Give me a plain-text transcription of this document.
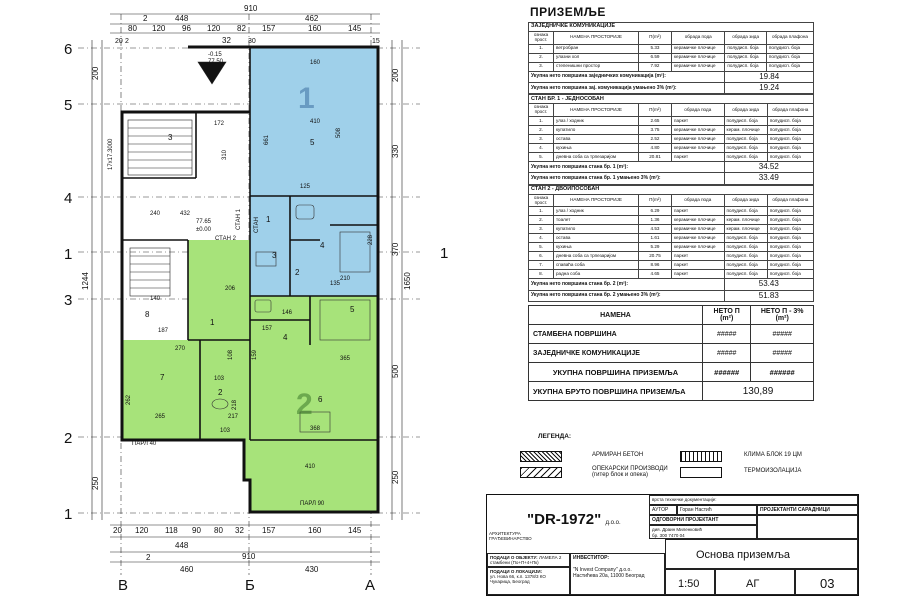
6
5
4
1
3
2
1
В	Б	А
1
1
2
5
4
3
2
1
6
7
8
3
4
5
2
1
410
508
661
160
125
365
240
270
265
310
368
410
135
228
262
210
206
159
146
157
140
187
108
103
218
217
103
172
432
17x17.3000
77.65
±0.00
-0.15
77.50
СТАН 2
СТАН 1 СТАН
ПАРЛ 90
ПАРЛ 40
910
448	462
2
80 120 96 120 82 157	160	145
32
20 2	30	15
20 120 118 90 80 32 157	160	145
448
910
460	430
2
200
1244
250
200
330
370
500
250
1650
ПРИЗЕМЉЕ
ЗАЈЕДНИЧКЕ КОМУНИКАЦИЈЕ					
ознака прост.	НАМЕНА ПРОСТОРИЈЕ	П(m²)	обрада пода	обрада зида	обрада плафона
1.	ветробран	5.33	керамичке плочице	полудисп. боја	полудисп. боја
2.	улазни хол	6.59	керамичке плочице	полудисп. боја	полудисп. боја
3.	степенишни простор	7.92	керамичке плочице	полудисп. боја	полудисп. боја
Укупна нето површина заједничких комуникација (m²):				19.84	
Укупна нето површина зај. комуникација умањено 3% (m²):				19.24	
СТАН БР. 1 - ЈЕДНОСОБАН					
ознака прост.	НАМЕНА ПРОСТОРИЈЕ	П(m²)	обрада пода	обрада зида	обрада плафона
1.	улаз / ходник	2.65	паркет	полудисп. боја	полудисп. боја
2.	купатило	3.75	керамичке плочице	керам. плочице	полудисп. боја
3.	остава	2.52	керамичке плочице	полудисп. боја	полудисп. боја
4.	кухиња	4.80	керамичке плочице	полудисп. боја	полудисп. боја
5.	дневна соба са трпезаријом	20.81	паркет	полудисп. боја	полудисп. боја
Укупна нето површина стана бр. 1 (m²):				34.52	
Укупна нето површина стана бр. 1 умањено 3% (m²):				33.49	
СТАН 2 - ДВОИПОСОБАН					
ознака прост.	НАМЕНА ПРОСТОРИЈЕ	П(m²)	обрада пода	обрада зида	обрада плафона
1.	улаз / ходник	6.29	паркет	полудисп. боја	полудисп. боја
2.	тоалет	1.36	керамичке плочице	керам. плочице	полудисп. боја
3.	купатило	4.53	керамичке плочице	керам. плочице	полудисп. боја
4.	остава	1.61	керамичке плочице	полудисп. боја	полудисп. боја
5.	кухиња	5.29	керамичке плочице	полудисп. боја	полудисп. боја
6.	дневна соба са трпезаријом	20.75	паркет	полудисп. боја	полудисп. боја
7.	спаваћа соба	8.96	паркет	полудисп. боја	полудисп. боја
8.	радна соба	4.65	паркет	полудисп. боја	полудисп. боја
Укупна нето површина стана бр. 2 (m²):				53.43	
Укупна нето површина стана бр. 2 умањено 3% (m²):				51.83	
НАМЕНА	НЕТО П (m²)	НЕТО П - 3% (m²)
СТАМБЕНА ПОВРШИНА	#####	#####
ЗАЈЕДНИЧКЕ КОМУНИКАЦИЈЕ	#####	#####
УКУПНА ПОВРШИНА ПРИЗЕМЉА	######	######
УКУПНА БРУТО ПОВРШИНА ПРИЗЕМЉА	130,89	
ЛЕГЕНДА:
АРМИРАН БЕТОН	КЛИМА БЛОК 19 ЦМ
ОПЕКАРСКИ ПРОИЗВОДИ (гитер блок и опека)
ТЕРМОИЗОЛАЦИЈА
"DR-1972" д.о.о.
АРХИТЕКТУРА ГРАЂЕВИНАРСТВО
врста техничке документације:
АУТОР	Горан Настић	ПРОЈЕКТАНТИ САРАДНИЦИ
ОДГОВОРНИ ПРОЈЕКТАНТ
дия. Драин Миленковић
бр. 300 7470 04
ПОДАЦИ О ОБЈЕКТУ: ЛАМЕЛА 2 стамбени (По+П+4+Пк)
ПОДАЦИ О ЛОКАЦИЈИ:
ул. Нова 66, к.п. 1378/3 КО Чукарица, Београд
ИНВЕСТИТОР:

"N Invest Company" д.о.о.
Настићева 20а, 11000 Београд
Основа приземља
1:50	АГ	03
